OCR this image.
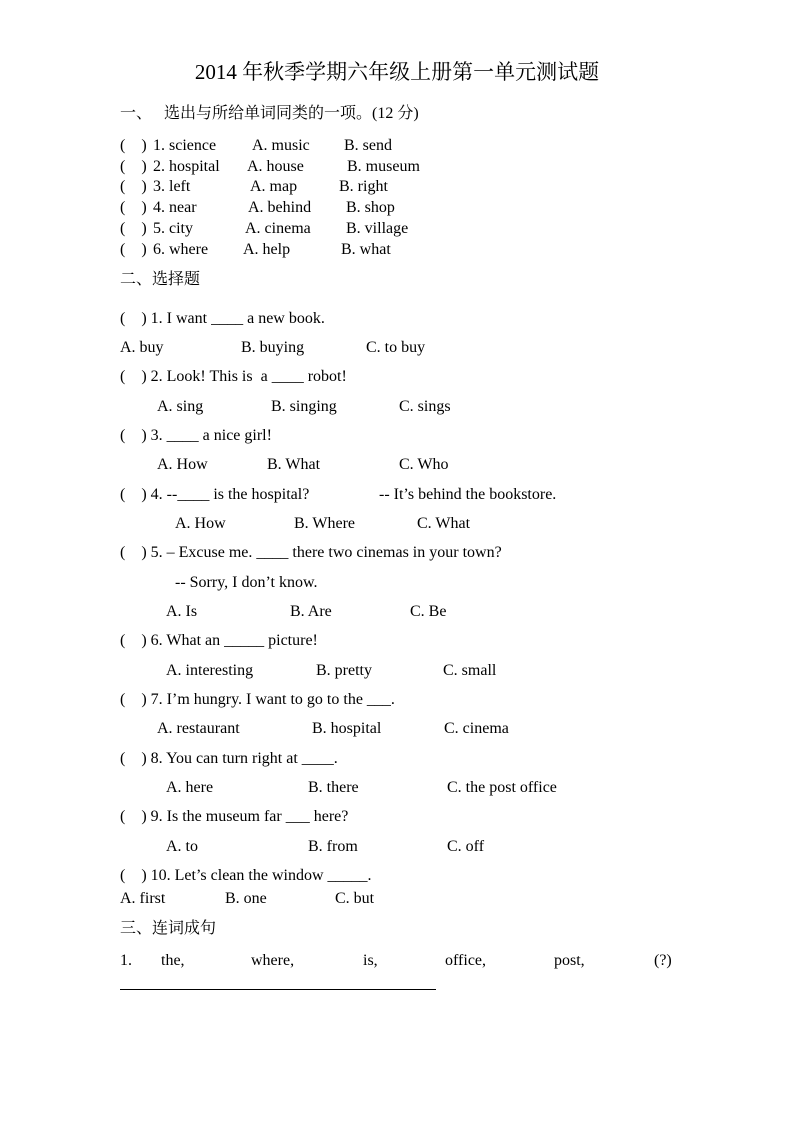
2014 年秋季学期六年级上册第一单元测试题
一、   选出与所给单词同类的一项。(12 分)
(    ) 1. science A. music B. send
(    ) 2. hospital A. house	B. museum
(    ) 3. left	A. map	B. right
(    ) 4. near	A. behind B. shop
(    ) 5. city	A. cinema B. village
(    ) 6. where A. help	B. what
二、选择题
(    ) 1. I want ____ a new book.
A. buy	B. buying	C. to buy
(    ) 2. Look! This is  a ____ robot!
A. sing	B. singing	C. sings
(    ) 3. ____ a nice girl!
A. How	B. What	C. Who
(    ) 4. --____ is the hospital?	-- It’s behind the bookstore.
A. How	B. Where	C. What
(    ) 5. – Excuse me. ____ there two cinemas in your town?
-- Sorry, I don’t know.
A. Is	B. Are	C. Be
(    ) 6. What an _____ picture!
A. interesting	B. pretty	C. small
(    ) 7. I’m hungry. I want to go to the ___.
A. restaurant	B. hospital	C. cinema
(    ) 8. You can turn right at ____.
A. here	B. there	C. the post office
(    ) 9. Is the museum far ___ here?
A. to	B. from	C. off
(    ) 10. Let’s clean the window _____.
A. first	B. one	C. but
三、连词成句
1. the,	where,	is,	office,	post,	(?)
